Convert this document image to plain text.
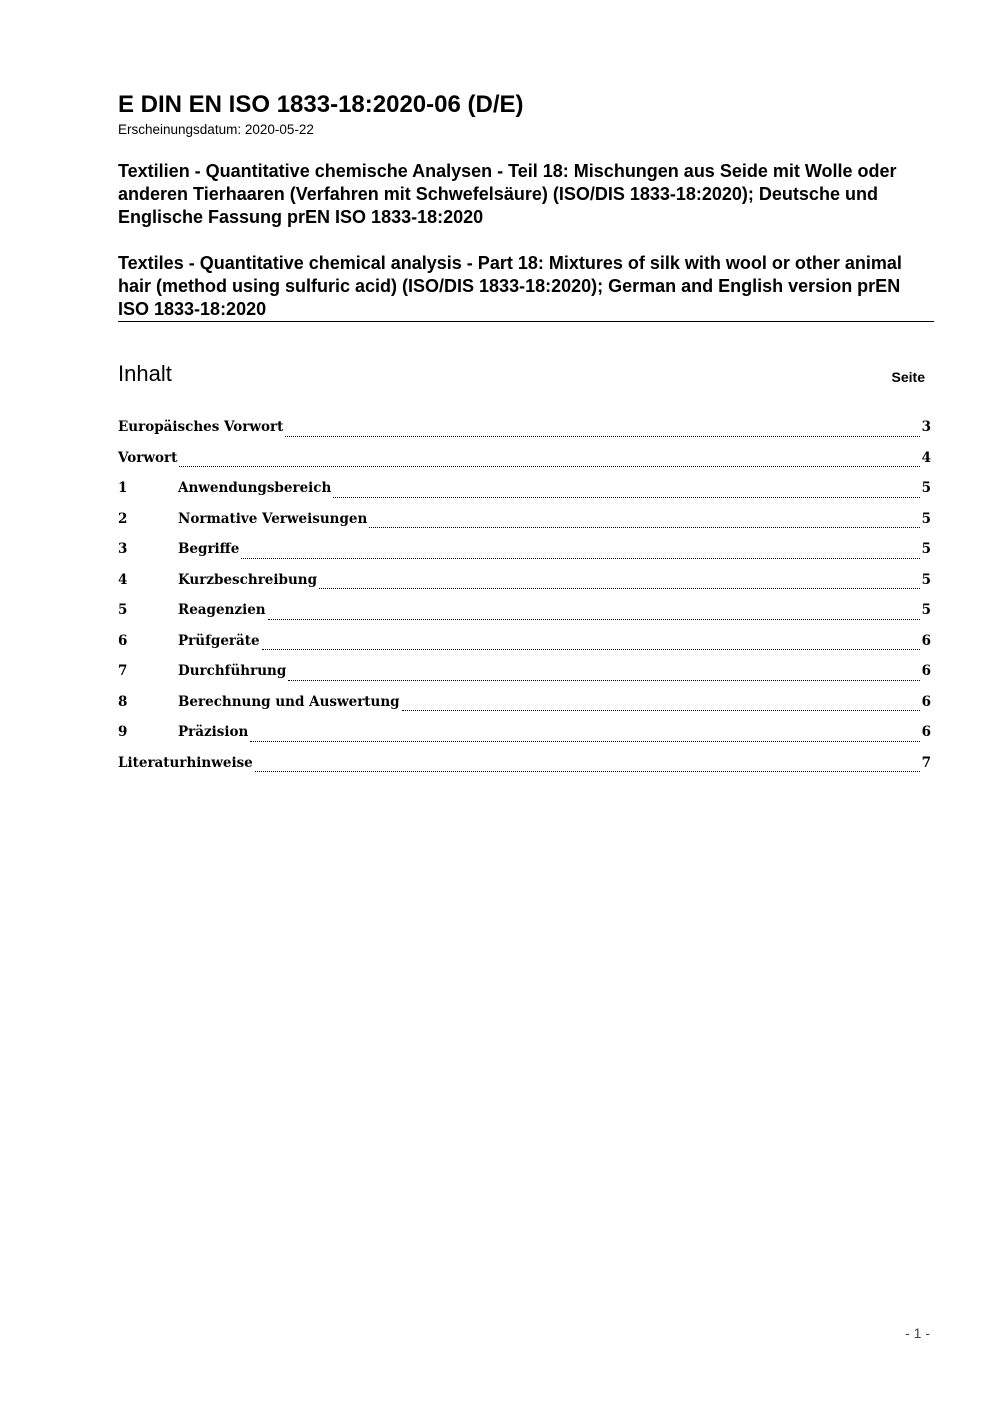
E DIN EN ISO 1833-18:2020-06 (D/E)
Erscheinungsdatum: 2020-05-22
Textilien - Quantitative chemische Analysen - Teil 18: Mischungen aus Seide mit Wolle oder anderen Tierhaaren (Verfahren mit Schwefelsäure) (ISO/DIS 1833-18:2020); Deutsche und Englische Fassung prEN ISO 1833-18:2020
Textiles - Quantitative chemical analysis - Part 18: Mixtures of silk with wool or other animal hair (method using sulfuric acid) (ISO/DIS 1833-18:2020); German and English version prEN ISO 1833-18:2020
Inhalt	Seite
Europäisches Vorwort	3
Vorwort	4
1	Anwendungsbereich	5
2	Normative Verweisungen	5
3	Begriffe	5
4	Kurzbeschreibung	5
5	Reagenzien	5
6	Prüfgeräte	6
7	Durchführung	6
8	Berechnung und Auswertung	6
9	Präzision	6
Literaturhinweise	7
- 1 -
